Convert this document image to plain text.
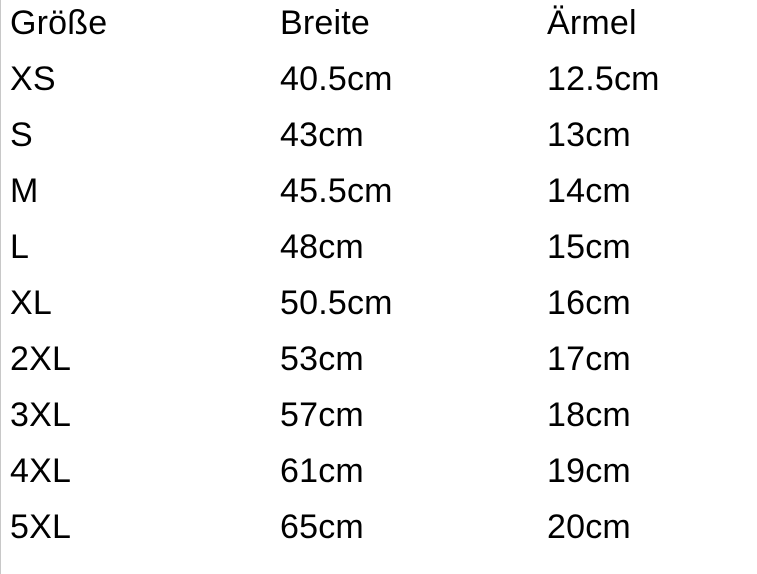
Größe	Breite	Ärmel
XS	40.5cm	12.5cm
S	43cm	13cm
M	45.5cm	14cm
L	48cm	15cm
XL	50.5cm	16cm
2XL	53cm	17cm
3XL	57cm	18cm
4XL	61cm	19cm
5XL	65cm	20cm
